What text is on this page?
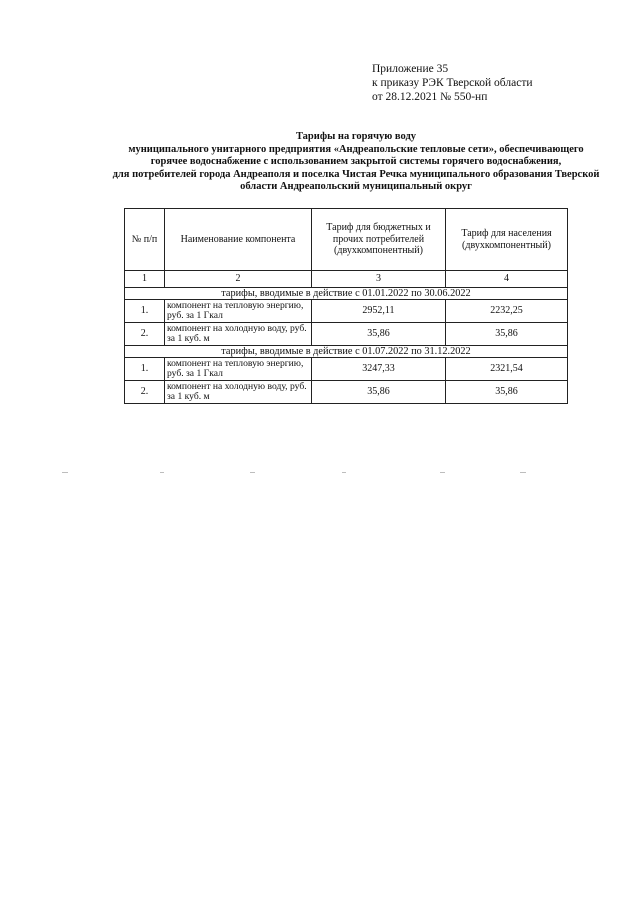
Приложение 35
к приказу РЭК Тверской области
от 28.12.2021 № 550-нп
Тарифы на горячую воду
муниципального унитарного предприятия «Андреапольские тепловые сети», обеспечивающего
горячее водоснабжение с использованием закрытой системы горячего водоснабжения,
для потребителей города Андреаполя и поселка Чистая Речка муниципального образования Тверской
области Андреапольский муниципальный округ
№ п/п	Наименование компонента	Тариф для бюджетных и прочих потребителей (двухкомпонентный)	Тариф для населения (двухкомпонентный)
1	2	3	4
тарифы, вводимые в действие с 01.01.2022 по 30.06.2022			
1.	компонент на тепловую энергию, руб. за 1 Гкал	2952,11	2232,25
2.	компонент на холодную воду, руб. за 1 куб. м	35,86	35,86
тарифы, вводимые в действие с 01.07.2022 по 31.12.2022			
1.	компонент на тепловую энергию, руб. за 1 Гкал	3247,33	2321,54
2.	компонент на холодную воду, руб. за 1 куб. м	35,86	35,86
